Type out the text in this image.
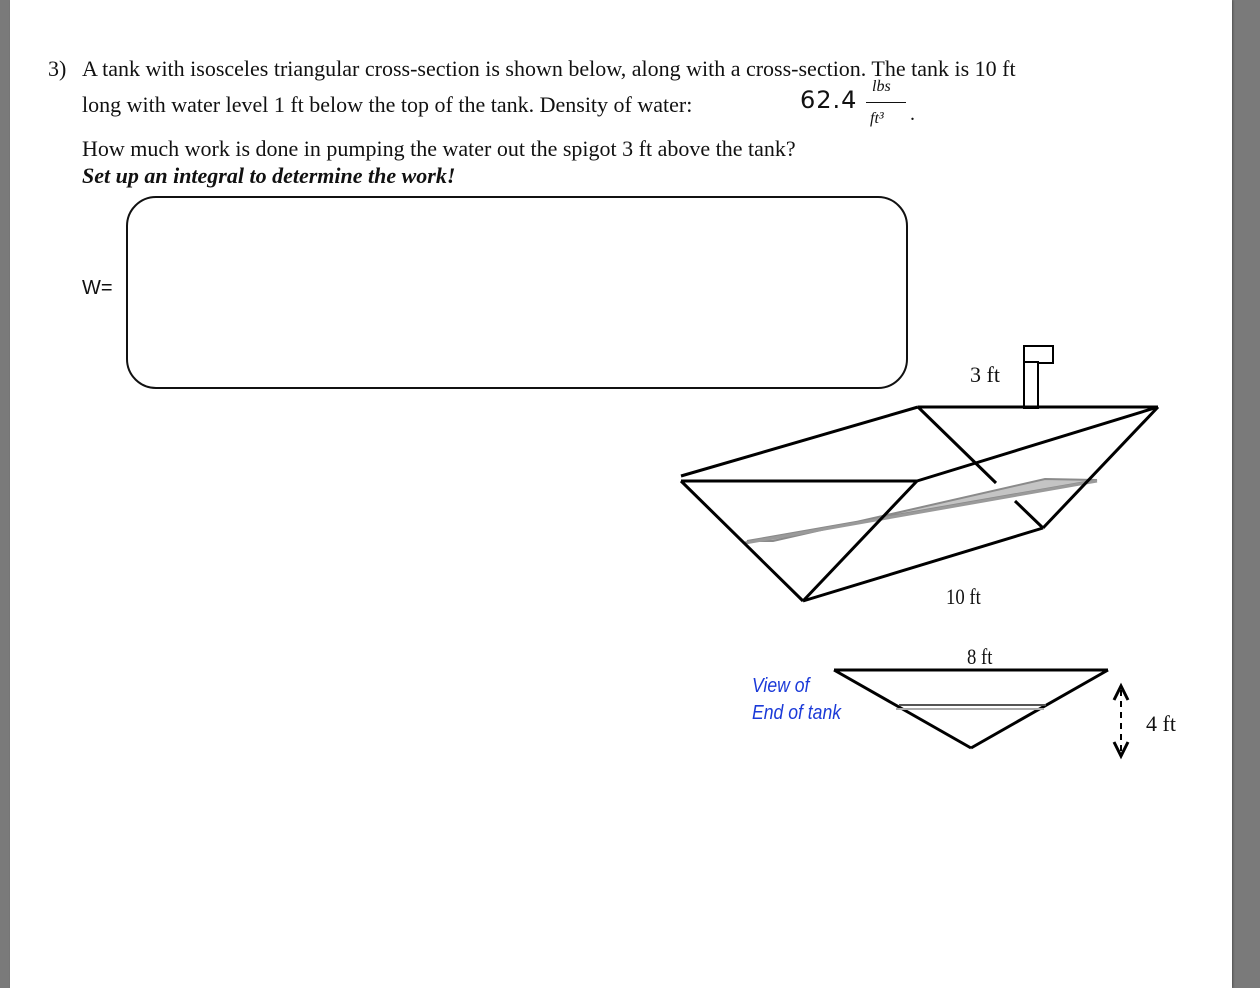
3) A tank with isosceles triangular cross-section is shown below, along with a cross-section. The tank is 10 ft
long with water level 1 ft below the top of the tank. Density of water:	62.4 lbs
ft³ .
How much work is done in pumping the water out the spigot 3 ft above the tank?
Set up an integral to determine the work!
W=
3 ft
10 ft
8 ft
4 ft
View of
End of tank
